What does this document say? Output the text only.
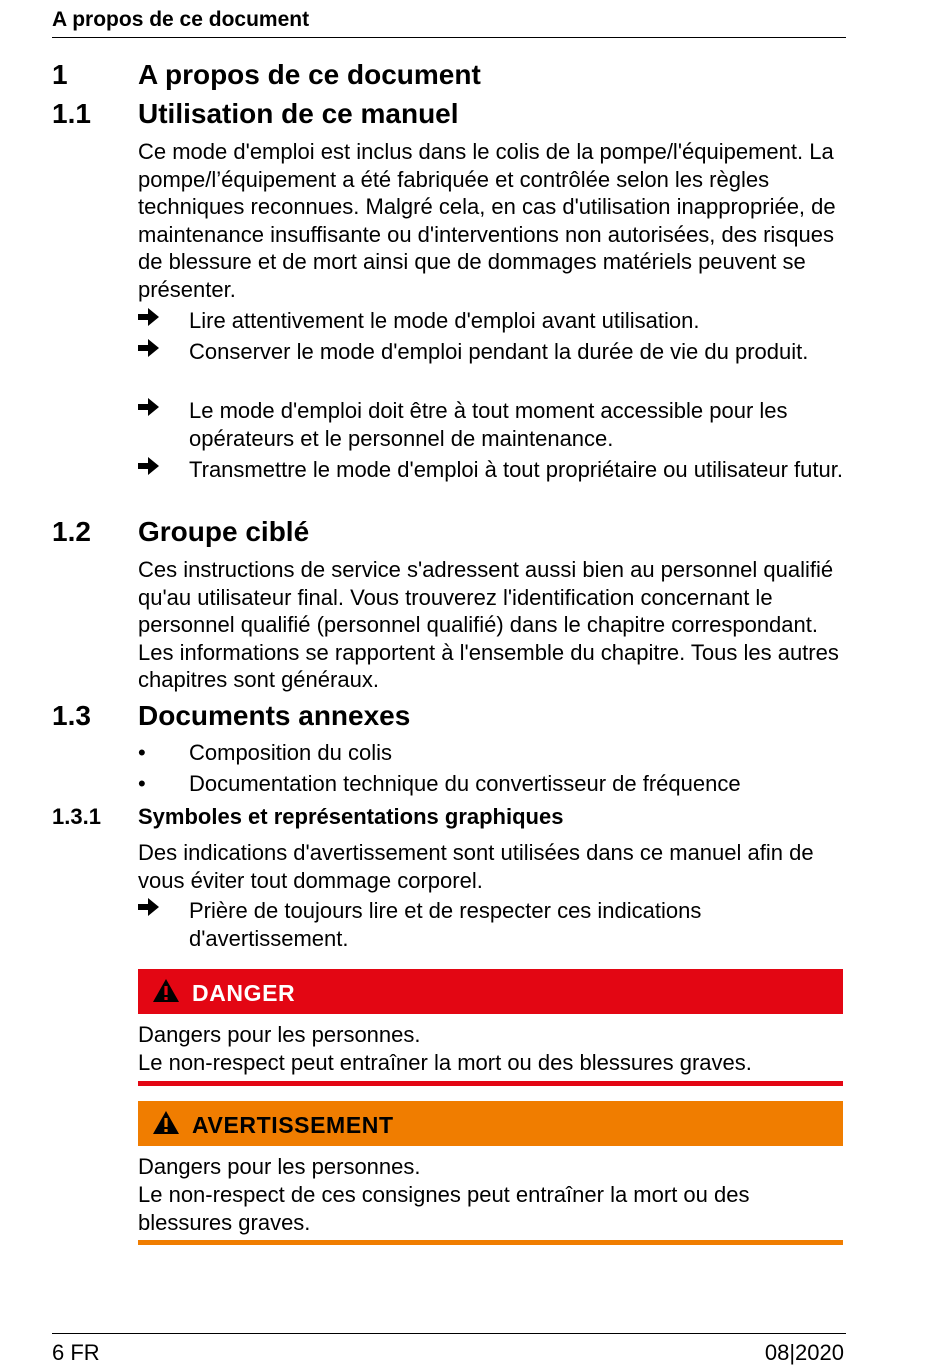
A propos de ce document
1	A propos de ce document
1.1 Utilisation de ce manuel

Ce mode d'emploi est inclus dans le colis de la pompe/l'équipement. La pompe/l’équipement a été fabriquée et contrôlée selon les règles techniques reconnues. Malgré cela, en cas d'utilisation inappropriée, de maintenance insuffisante ou d'interventions non autorisées, des risques de blessure et de mort ainsi que de dommages matériels peuvent se présenter.

Lire attentivement le mode d'emploi avant utilisation.
Conserver le mode d'emploi pendant la durée de vie du produit.
Le mode d'emploi doit être à tout moment accessible pour les opérateurs et le personnel de maintenance.
Transmettre le mode d'emploi à tout propriétaire ou utilisateur futur.
1.2 Groupe ciblé

Ces instructions de service s'adressent aussi bien au personnel qualifié qu'au utilisateur final. Vous trouverez l'identification concernant le personnel qualifié (personnel qualifié) dans le chapitre correspondant. Les informations se rapportent à l'ensemble du chapitre. Tous les autres chapitres sont généraux.

1.3 Documents annexes
•	Composition du colis
•	Documentation technique du convertisseur de fréquence
1.3.1 Symboles et représentations graphiques

Des indications d'avertissement sont utilisées dans ce manuel afin de vous éviter tout dommage corporel.

Prière de toujours lire et de respecter ces indications d'avertissement.
DANGER

Dangers pour les personnes.

Le non-respect peut entraîner la mort ou des blessures graves.

AVERTISSEMENT

Dangers pour les personnes.

Le non-respect de ces consignes peut entraîner la mort ou des blessures graves.

6 FR	08|2020
